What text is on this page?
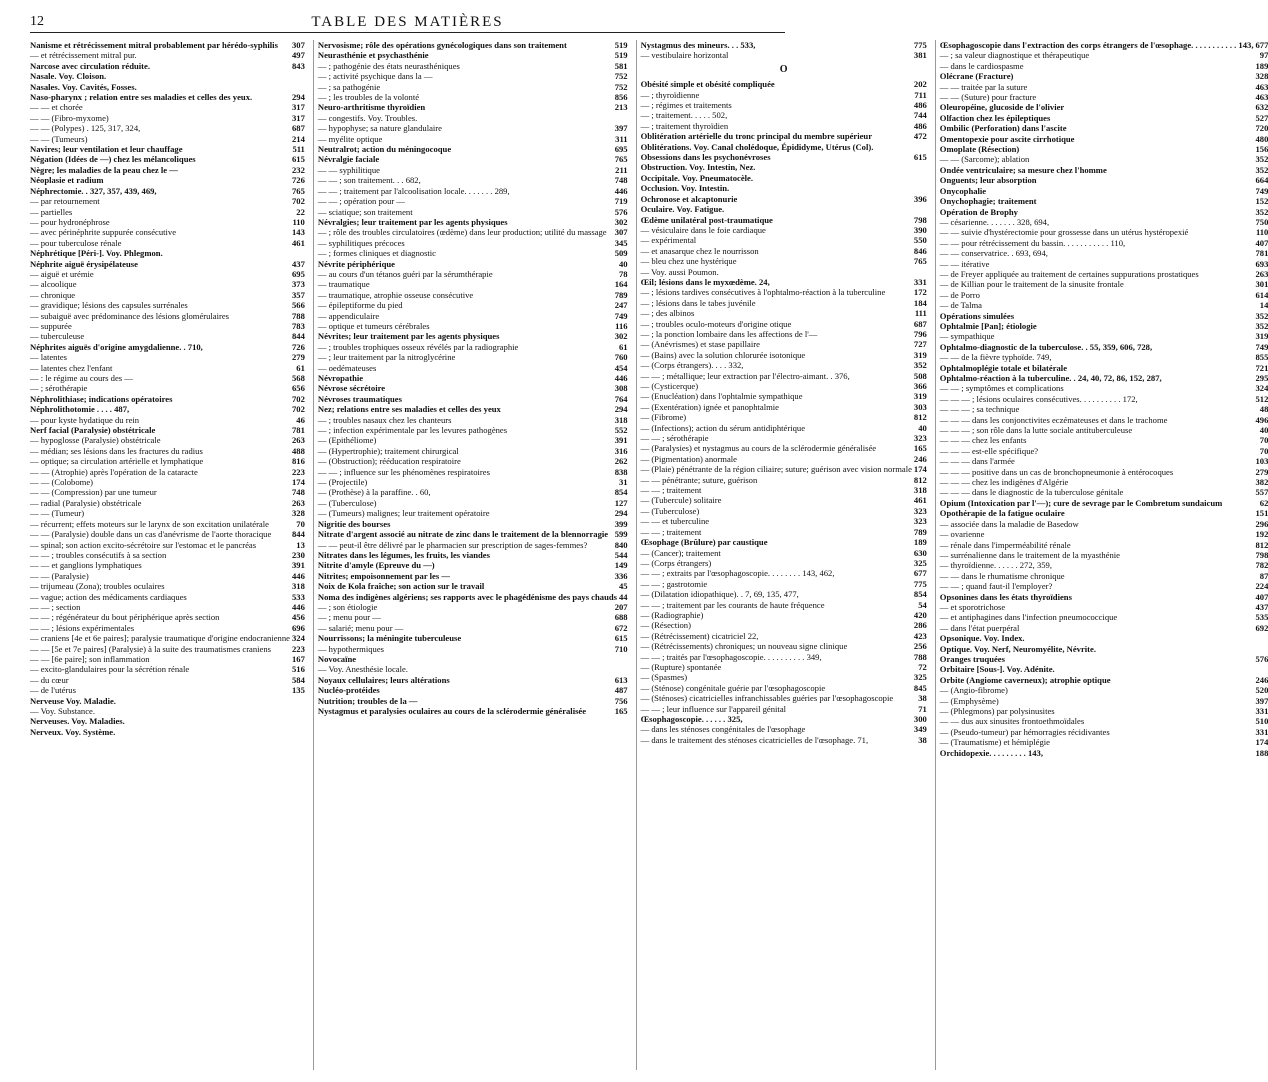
12	TABLE DES MATIÈRES
Nanisme et rétrécissement mitral probablement par hérédo-syphilis	307
— et rétrécissement mitral pur.	497
Narcose avec circulation réduite.	843
Nasale. Voy. Cloison.
Nasales. Voy. Cavités, Fosses.
Naso-pharynx ; relation entre ses maladies et celles des yeux.	294
— — et chorée	317
— — (Fibro-myxome)	317
— — (Polypes) . 125, 317, 324,	687
— — (Tumeurs)	214
Navires; leur ventilation et leur chauffage	511
Négation (Idées de —) chez les mélancoliques	615
Nègre; les maladies de la peau chez le —	232
Néoplasie et radium	726
Néphrectomie. . 327, 357, 439, 469,	765
— par retournement	702
— partielles	22
— pour hydronéphrose	110
— avec périnéphrite suppurée consécutive	143
— pour tuberculose rénale	461
Néphrétique [Péri-]. Voy. Phlegmon.
Néphrite aiguë érysipélateuse	437
— aiguë et urémie	695
— alcoolique	373
— chronique	357
— gravidique; lésions des capsules surrénales	566
— subaiguë avec prédominance des lésions glomérulaires	788
— suppurée	783
— tuberculeuse	844
Néphrites aiguës d'origine amygdalienne. . 710,	726
— latentes	279
— latentes chez l'enfant	61
— : le régime au cours des —	568
— ; sérothérapie	656
Néphrolithiase; indications opératoires	702
Néphrolithotomie . . . . 487,	702
— pour kyste hydatique du rein	46
Nerf facial (Paralysie) obstétricale	781
— hypoglosse (Paralysie) obstétricale	263
— médian; ses lésions dans les fractures du radius	488
— optique; sa circulation artérielle et lymphatique	816
— — (Atrophie) après l'opération de la cataracte	223
— — (Colobome)	174
— — (Compression) par une tumeur	748
— radial (Paralysie) obstétricale	263
— — (Tumeur)	328
— récurrent; effets moteurs sur le larynx de son excitation unilatérale	70
— — (Paralysie) double dans un cas d'anévrisme de l'aorte thoracique	844
— spinal; son action excito-sécrétoire sur l'estomac et le pancréas	13
— — ; troubles consécutifs à sa section	230
— — et ganglions lymphatiques	391
— — (Paralysie)	446
— trijumeau (Zona); troubles oculaires	318
— vague; action des médicaments cardiaques	533
— — ; section	446
— — ; régénérateur du bout périphérique après section	456
— — ; lésions expérimentales	696
— craniens [4e et 6e paires]; paralysie traumatique d'origine endocranienne 324
— — [5e et 7e paires] (Paralysie) à la suite des traumatismes craniens	223
— — [6e paire]; son inflammation	167
— excito-glandulaires pour la sécrétion rénale	516
— du cœur	584
— de l'utérus	135
Nerveuse Voy. Maladie.
— Voy. Substance.
Nerveuses. Voy. Maladies.
Nerveux. Voy. Système.
Nervosisme; rôle des opérations gynécologiques dans son traitement	519
Neurasthénie et psychasthénie	519
— ; pathogénie des états neurasthéniques	581
— ; activité psychique dans la —	752
— ; sa pathogénie	752
— ; les troubles de la volonté	856
Neuro-arthritisme thyroïdien	213
— congestifs. Voy. Troubles.
— hypophyse; sa nature glandulaire	397
— myélite optique	311
Neutralrot; action du méningocoque	695
Névralgie faciale	765
— — syphilitique	211
— — ; son traitement. . . 682,	748
— — ; traitement par l'alcoolisation locale. . . . . . . 289,	446
— — ; opération pour —	719
— sciatique; son traitement	576
Névralgies; leur traitement par les agents physiques	302
— ; rôle des troubles circulatoires (œdème) dans leur production; utilité du massage 307
— syphilitiques précoces	345
— ; formes cliniques et diagnostic	509
Névrite périphérique	40
— au cours d'un tétanos guéri par la sérumthérapie	78
— traumatique	164
— traumatique, atrophie osseuse consécutive	789
— épileptiforme du pied	247
— appendiculaire	749
— optique et tumeurs cérébrales	116
Névrites; leur traitement par les agents physiques	302
— ; troubles trophiques osseux révélés par la radiographie	61
— ; leur traitement par la nitroglycérine	760
— oedémateuses	454
Névropathie	446
Névrose sécrétoire	308
Névroses traumatiques	764
Nez; relations entre ses maladies et celles des yeux	294
— ; troubles nasaux chez les chanteurs	318
— ; infection expérimentale par les levures pathogènes	552
— (Epithéliome)	391
— (Hypertrophie); traitement chirurgical	316
— (Obstruction); rééducation respiratoire	262
— — ; influence sur les phénomènes respiratoires	838
— (Projectile)	31
— (Prothèse) à la paraffine. . 60,	854
— (Tuberculose)	127
— (Tumeurs) malignes; leur traitement opératoire	294
Nigritie des bourses	399
Nitrate d'argent associé au nitrate de zinc dans le traitement de la blennorragie 599
— — peut-il être délivré par le pharmacien sur prescription de sages-femmes?	840
Nitrates dans les légumes, les fruits, les viandes	544
Nitrite d'amyle (Epreuve du —)	149
Nitrites; empoisonnement par les —	336
Noix de Kola fraîche; son action sur le travail	45
Noma des indigènes algériens; ses rapports avec le phagédénisme des pays chauds 44
— ; son étiologie	207
— ; menu pour —	688
— salarié; menu pour —	672
Nourrissons; la méningite tuberculeuse	615
— hypothermiques	710
Novocaïne
— Voy. Anesthésie locale.
Noyaux cellulaires; leurs altérations	613
Nucléo-protéides	487
Nutrition; troubles de la —	756
Nystagmus et paralysies oculaires au cours de la sclérodermie généralisée	165
Nystagmus des mineurs. . . 533,	775
— vestibulaire horizontal	381
O
Obésité simple et obésité compliquée	202
— ; thyroïdienne	711
— ; régimes et traitements	486
— ; traitement. . . . . 502,	744
— ; traitement thyroïdien	486
Oblitération artérielle du tronc principal du membre supérieur	472
Oblitérations. Voy. Canal cholédoque, Épididyme, Utérus (Col).
Obsessions dans les psychonévroses	615
Obstruction. Voy. Intestin, Nez.
Occipitale. Voy. Pneumatocèle.
Occlusion. Voy. Intestin.
Ochronose et alcaptonurie	396
Oculaire. Voy. Fatigue.
Œdème unilatéral post-traumatique	798
— vésiculaire dans le foie cardiaque	390
— expérimental	550
— et anasarque chez le nourrisson	846
— bleu chez une hystérique	765
— Voy. aussi Poumon.
Œil; lésions dans le myxœdème. 24,	331
— ; lésions tardives consécutives à l'ophtalmo-réaction à la tuberculine	172
— ; lésions dans le tabes juvénile	184
— ; des albinos	111
— ; troubles oculo-moteurs d'origine otique	687
— ; la ponction lombaire dans les affections de l'—	796
— (Anévrismes) et stase papillaire	727
— (Bains) avec la solution chlorurée isotonique	319
— (Corps étrangers). . . . 332,	352
— — ; métallique; leur extraction par l'électro-aimant. . 376,	508
— (Cysticerque)	366
— (Enucléation) dans l'ophtalmie sympathique	319
— (Exentération) ignée et panophtalmie	303
— (Fibrome)	812
— (Infections); action du sérum antidiphtérique	40
— — ; sérothérapie	323
— (Paralysies) et nystagmus au cours de la sclérodermie généralisée	165
— (Pigmentation) anormale	246
— (Plaie) pénétrante de la région ciliaire; suture; guérison avec vision normale 174
— — pénétrante; suture, guérison	812
— — ; traitement	318
— (Tubercule) solitaire	461
— (Tuberculose)	323
— — et tuberculine	323
— — ; traitement	789
Œsophage (Brûlure) par caustique	189
— (Cancer); traitement	630
— (Corps étrangers)	325
— — ; extraits par l'œsophagoscopie. . . . . . . . 143, 462,	677
— — ; gastrotomie	775
— (Dilatation idiopathique). . 7, 69, 135, 477,	854
— — ; traitement par les courants de haute fréquence	54
— (Radiographie)	420
— (Résection)	286
— (Rétrécissement) cicatriciel 22,	423
— (Rétrécissements) chroniques; un nouveau signe clinique	256
— — ; traités par l'œsophagoscopie. . . . . . . . . . 349,	788
— (Rupture) spontanée	72
— (Spasmes)	325
— (Sténose) congénitale guérie par l'œsophagoscopie	845
— (Sténoses) cicatricielles infranchissables guéries par l'œsophagoscopie	38
— — ; leur influence sur l'appareil génital	71
Œsophagoscopie. . . . . . 325,	300
— dans les sténoses congénitales de l'œsophage	349
— dans le traitement des sténoses cicatricielles de l'œsophage. 71,	38
Œsophagoscopie dans l'extraction des corps étrangers de l'œsophage. . . . . . . . . . . 143, 677
— ; sa valeur diagnostique et thérapeutique	97
— dans le cardiospasme	189
Olécrane (Fracture)	328
— — traitée par la suture	463
— — (Suture) pour fracture	463
Oleuropéine, glucoside de l'olivier	632
Olfaction chez les épileptiques	527
Ombilic (Perforation) dans l'ascite	720
Omentopexie pour ascite cirrhotique	480
Omoplate (Résection)	156
— — (Sarcome); ablation	352
Ondée ventriculaire; sa mesure chez l'homme	352
Onguents; leur absorption	664
Onycophalie	749
Onychophagie; traitement	152
Opération de Brophy	352
— césarienne. . . . . . . 328, 694,	750
— — suivie d'hystérectomie pour grossesse dans un utérus hystéropexié	110
— — pour rétrécissement du bassin. . . . . . . . . . . 110,	407
— — conservatrice. . 693, 694,	781
— — itérative	693
— de Freyer appliquée au traitement de certaines suppurations prostatiques	263
— de Killian pour le traitement de la sinusite frontale	301
— de Porro	614
— de Talma	14
Opérations simulées	352
Ophtalmie [Pan]; étiologie	352
— sympathique	319
Ophtalmo-diagnostic de la tuberculose. . 55, 359, 606, 728,	749
— — de la fièvre typhoïde. 749,	855
Ophtalmoplégie totale et bilatérale	721
Ophtalmo-réaction à la tuberculine. . 24, 40, 72, 86, 152, 287,	295
— — ; symptômes et complications	324
— — — ; lésions oculaires consécutives. . . . . . . . . . 172,	512
— — — ; sa technique	48
— — — dans les conjonctivites eczémateuses et dans le trachome	496
— — — ; son rôle dans la lutte sociale antituberculeuse	40
— — — chez les enfants	70
— — — est-elle spécifique?	70
— — — dans l'armée	103
— — — positive dans un cas de bronchopneumonie à entérocoques	279
— — — chez les indigènes d'Algérie	382
— — — dans le diagnostic de la tuberculose génitale	557
Opium (Intoxication par l'—); cure de sevrage par le Combretum sundaicum	62
Opothérapie de la fatigue oculaire	151
— associée dans la maladie de Basedow	296
— ovarienne	192
— rénale dans l'imperméabilité rénale	812
— surrénalienne dans le traitement de la myasthénie	798
— thyroïdienne. . . . . . 272, 359,	782
— — dans le rhumatisme chronique	87
— — ; quand faut-il l'employer?	224
Opsonines dans les états thyroïdiens	407
— et sporotrichose	437
— et antiphagines dans l'infection pneumococcique	535
— dans l'état puerpéral	692
Opsonique. Voy. Index.
Optique. Voy. Nerf, Neuromyélite, Névrite.
Oranges truquées	576
Orbitaire [Sous-]. Voy. Adénite.
Orbite (Angiome caverneux); atrophie optique	246
— (Angio-fibrome)	520
— (Emphysème)	397
— (Phlegmons) par polysinusites	331
— — dus aux sinusites frontoethmoïdales	510
— (Pseudo-tumeur) par hémorragies récidivantes	331
— (Traumatisme) et hémiplégie	174
Orchidopexie. . . . . . . . . 143,	188
